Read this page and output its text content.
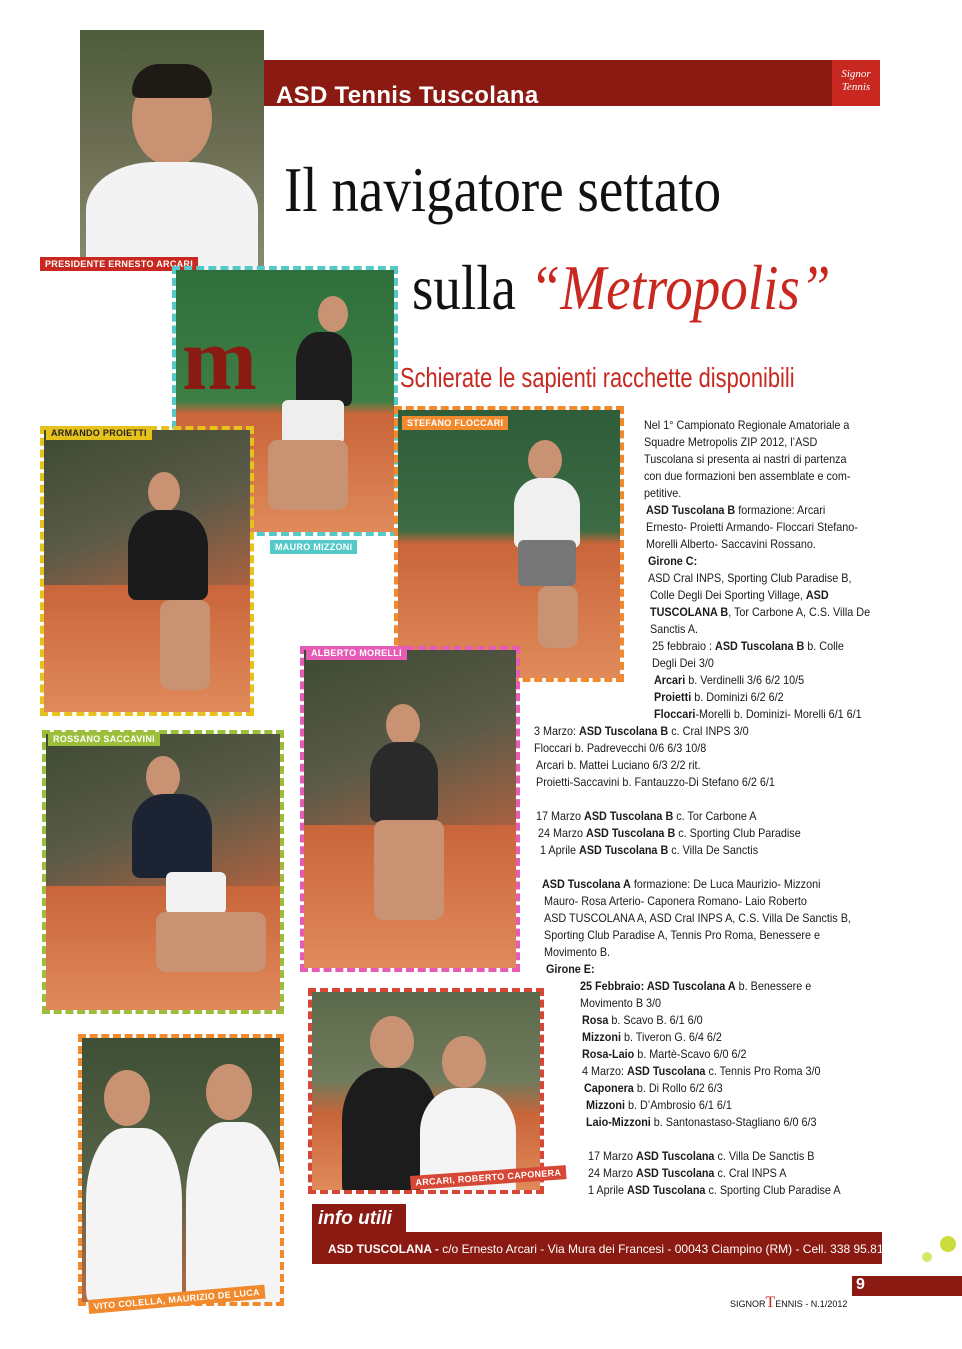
ASD Tennis Tuscolana
Signor
Tennis
PRESIDENTE ERNESTO ARCARI
Il navigatore settato
sulla “Metropolis”
Schierate le sapienti racchette disponibili
m
MAURO MIZZONI
ARMANDO PROIETTI
STEFANO FLOCCARI
ALBERTO MORELLI
ROSSANO SACCAVINI
VITO COLELLA, MAURIZIO DE LUCA
ARCARI, ROBERTO CAPONERA

Nel 1° Campionato Regionale Amatoriale a

Squadre Metropolis ZIP 2012, l’ASD

Tuscolana si presenta ai nastri di partenza

con due formazioni ben assemblate e com-

petitive.

ASD Tuscolana B formazione: Arcari

Ernesto- Proietti Armando- Floccari Stefano-

Morelli Alberto- Saccavini Rossano.

Girone C:

ASD Cral INPS, Sporting Club Paradise B,

Colle Degli Dei Sporting Village, ASD

TUSCOLANA B, Tor Carbone A, C.S. Villa De

Sanctis A.

25 febbraio : ASD Tuscolana B b. Colle

Degli Dei 3/0

Arcari b. Verdinelli 3/6 6/2 10/5

Proietti b. Dominizi 6/2 6/2

Floccari-Morelli b. Dominizi- Morelli 6/1 6/1

3 Marzo: ASD Tuscolana B c. Cral INPS 3/0

Floccari b. Padrevecchi 0/6 6/3 10/8

Arcari b. Mattei Luciano 6/3 2/2 rit.

Proietti-Saccavini b. Fantauzzo-Di Stefano 6/2 6/1

17 Marzo ASD Tuscolana B c. Tor Carbone A

24 Marzo ASD Tuscolana B c. Sporting Club Paradise

1 Aprile ASD Tuscolana B c. Villa De Sanctis

ASD Tuscolana A formazione: De Luca Maurizio- Mizzoni

Mauro- Rosa Arterio- Caponera Romano- Laio Roberto

ASD TUSCOLANA A, ASD Cral INPS A, C.S. Villa De Sanctis B,

Sporting Club Paradise A, Tennis Pro Roma, Benessere e

Movimento B.

Girone E:

25 Febbraio: ASD Tuscolana A b. Benessere e

Movimento B 3/0

Rosa b. Scavo B. 6/1 6/0

Mizzoni b. Tiveron G. 6/4 6/2

Rosa-Laio b. Martè-Scavo 6/0 6/2

4 Marzo: ASD Tuscolana c. Tennis Pro Roma 3/0

Caponera b. Di Rollo 6/2 6/3

Mizzoni b. D’Ambrosio 6/1 6/1

Laio-Mizzoni b. Santonastaso-Stagliano 6/0 6/3

17 Marzo ASD Tuscolana c. Villa De Sanctis B

24 Marzo ASD Tuscolana c. Cral INPS A

1 Aprile ASD Tuscolana c. Sporting Club Paradise A

info utili
ASD TUSCOLANA - c/o Ernesto Arcari - Via Mura dei Francesi - 00043 Ciampino (RM) - Cell. 338 95.81.429
9
SIGNORTENNIS - N.1/2012
